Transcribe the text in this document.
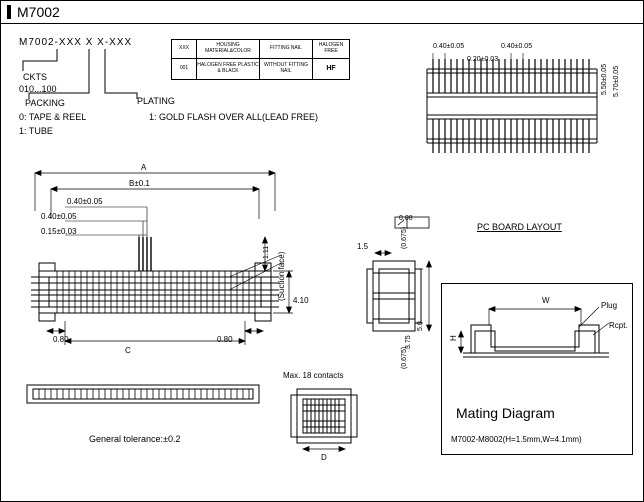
M7002
M7002-XXX X X-XXX
CKTS
010...100
PACKING
0: TAPE & REEL
1: TUBE
PLATING
1: GOLD FLASH OVER ALL(LEAD FREE)
XXX	HOUSING MATERIAL&COLOR	FITTING NAIL	HALOGEN FREE
001	HALOGEN FREE PLASTIC & BLACK	WITHOUT FITTING NAIL	HF
0.40±0.05	0.40±0.05
0.20±0.03
5.50±0.05 5.70±0.05
A
B±0.1
0.40±0.05
0.40±0.05
0.15±0.03
C
0.80	0.80
4.10
1.11 (Suction face)
General tolerance:±0.2
0.08
1.5	(0.675)
(0.675)
3.75
5.0
Max. 18 contacts
D
PC BOARD LAYOUT
W
H
Plug
Rcpt.
Mating Diagram
M7002-M8002(H=1.5mm,W=4.1mm)
